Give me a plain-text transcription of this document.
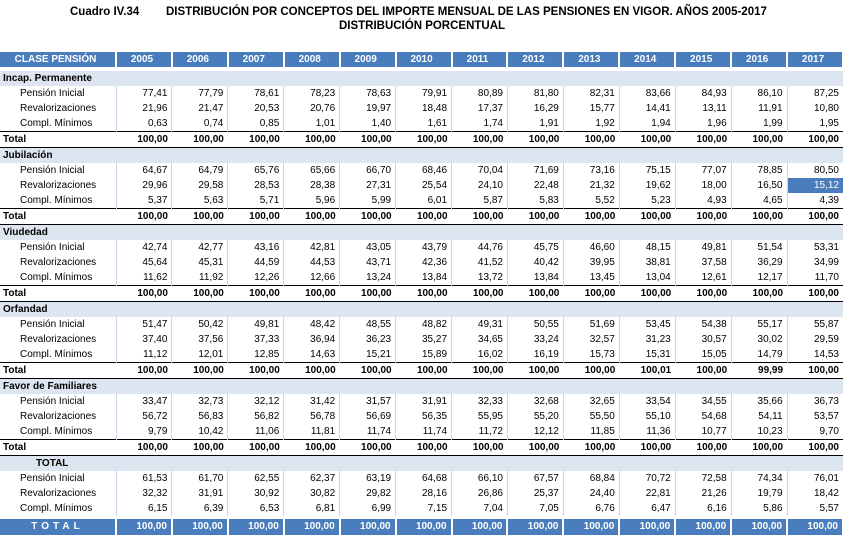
Cuadro IV.34 DISTRIBUCIÓN POR CONCEPTOS DEL IMPORTE MENSUAL DE LAS PENSIONES EN VIGOR. AÑOS 2005-2017
DISTRIBUCIÓN PORCENTUAL
CLASE PENSIÓN	2005	2006	2007	2008	2009	2010	2011	2012	2013	2014	2015	2016	2017
Incap. Permanente													
Pensión Inicial	77,41	77,79	78,61	78,23	78,63	79,91	80,89	81,80	82,31	83,66	84,93	86,10	87,25
Revalorizaciones	21,96	21,47	20,53	20,76	19,97	18,48	17,37	16,29	15,77	14,41	13,11	11,91	10,80
Compl. Mínimos	0,63	0,74	0,85	1,01	1,40	1,61	1,74	1,91	1,92	1,94	1,96	1,99	1,95
Total	100,00	100,00	100,00	100,00	100,00	100,00	100,00	100,00	100,00	100,00	100,00	100,00	100,00
Jubilación													
Pensión Inicial	64,67	64,79	65,76	65,66	66,70	68,46	70,04	71,69	73,16	75,15	77,07	78,85	80,50
Revalorizaciones	29,96	29,58	28,53	28,38	27,31	25,54	24,10	22,48	21,32	19,62	18,00	16,50	15,12
Compl. Mínimos	5,37	5,63	5,71	5,96	5,99	6,01	5,87	5,83	5,52	5,23	4,93	4,65	4,39
Total	100,00	100,00	100,00	100,00	100,00	100,00	100,00	100,00	100,00	100,00	100,00	100,00	100,00
Viudedad													
Pensión Inicial	42,74	42,77	43,16	42,81	43,05	43,79	44,76	45,75	46,60	48,15	49,81	51,54	53,31
Revalorizaciones	45,64	45,31	44,59	44,53	43,71	42,36	41,52	40,42	39,95	38,81	37,58	36,29	34,99
Compl. Mínimos	11,62	11,92	12,26	12,66	13,24	13,84	13,72	13,84	13,45	13,04	12,61	12,17	11,70
Total	100,00	100,00	100,00	100,00	100,00	100,00	100,00	100,00	100,00	100,00	100,00	100,00	100,00
Orfandad													
Pensión Inicial	51,47	50,42	49,81	48,42	48,55	48,82	49,31	50,55	51,69	53,45	54,38	55,17	55,87
Revalorizaciones	37,40	37,56	37,33	36,94	36,23	35,27	34,65	33,24	32,57	31,23	30,57	30,02	29,59
Compl. Mínimos	11,12	12,01	12,85	14,63	15,21	15,89	16,02	16,19	15,73	15,31	15,05	14,79	14,53
Total	100,00	100,00	100,00	100,00	100,00	100,00	100,00	100,00	100,00	100,01	100,00	99,99	100,00
Favor de Familiares													
Pensión Inicial	33,47	32,73	32,12	31,42	31,57	31,91	32,33	32,68	32,65	33,54	34,55	35,66	36,73
Revalorizaciones	56,72	56,83	56,82	56,78	56,69	56,35	55,95	55,20	55,50	55,10	54,68	54,11	53,57
Compl. Mínimos	9,79	10,42	11,06	11,81	11,74	11,74	11,72	12,12	11,85	11,36	10,77	10,23	9,70
Total	100,00	100,00	100,00	100,00	100,00	100,00	100,00	100,00	100,00	100,00	100,00	100,00	100,00
TOTAL													
Pensión Inicial	61,53	61,70	62,55	62,37	63,19	64,68	66,10	67,57	68,84	70,72	72,58	74,34	76,01
Revalorizaciones	32,32	31,91	30,92	30,82	29,82	28,16	26,86	25,37	24,40	22,81	21,26	19,79	18,42
Compl. Mínimos	6,15	6,39	6,53	6,81	6,99	7,15	7,04	7,05	6,76	6,47	6,16	5,86	5,57

TOTAL	100,00	100,00	100,00	100,00	100,00	100,00	100,00	100,00	100,00	100,00	100,00	100,00	100,00
